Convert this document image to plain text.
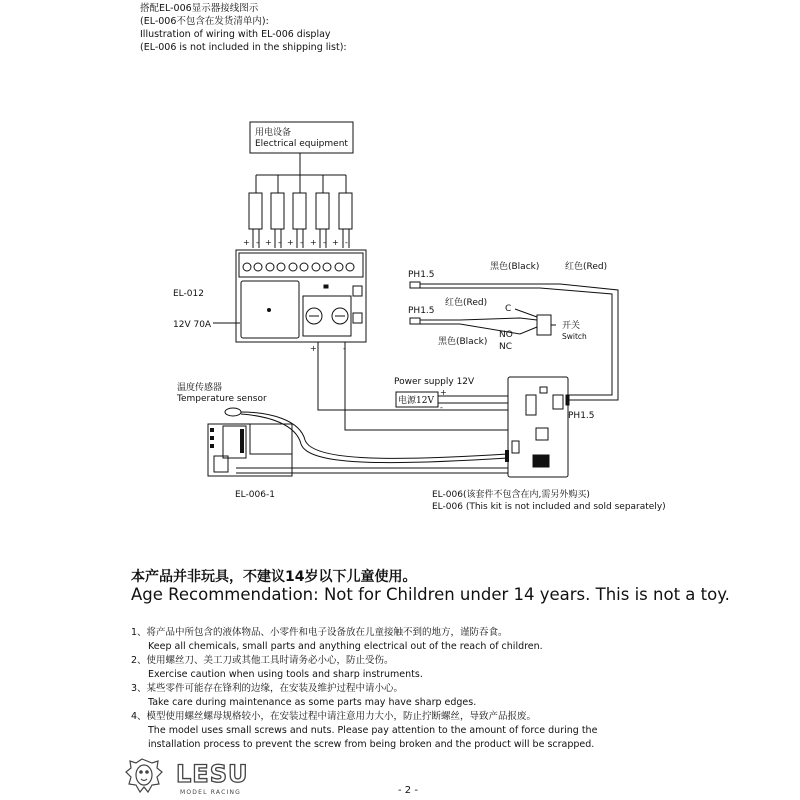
搭配EL-006显示器接线图示
(EL-006不包含在发货清单内):
Illustration of wiring with EL-006 display
(EL-006 is not included in the shipping list):
+ - + - + - + - + -
+	-
+
-
用电设备
Electrical equipment
EL-012
12V 70A
PH1.5
黑色(Black)	红色(Red)
PH1.5
红色(Red)
黑色(Black)
C
NO
NC
开关
Switch
PH1.5
温度传感器
Temperature sensor
Power supply 12V
电源12V
EL-006-1	EL-006(该套件不包含在内,需另外购买)
EL-006 (This kit is not included and sold separately)
本产品并非玩具，不建议14岁以下儿童使用。
Age Recommendation: Not for Children under 14 years. This is not a toy.
1、将产品中所包含的液体物品、小零件和电子设备放在儿童接触不到的地方，谨防吞食。
Keep all chemicals, small parts and anything electrical out of the reach of children.
2、使用螺丝刀、美工刀或其他工具时请务必小心，防止受伤。
Exercise caution when using tools and sharp instruments.
3、某些零件可能存在锋利的边缘，在安装及维护过程中请小心。
Take care during maintenance as some parts may have sharp edges.
4、模型使用螺丝螺母规格较小，在安装过程中请注意用力大小，防止拧断螺丝，导致产品报废。
The model uses small screws and nuts. Please pay attention to the amount of force during the
installation process to prevent the screw from being broken and the product will be scrapped.
LESU
MODEL RACING	- 2 -
